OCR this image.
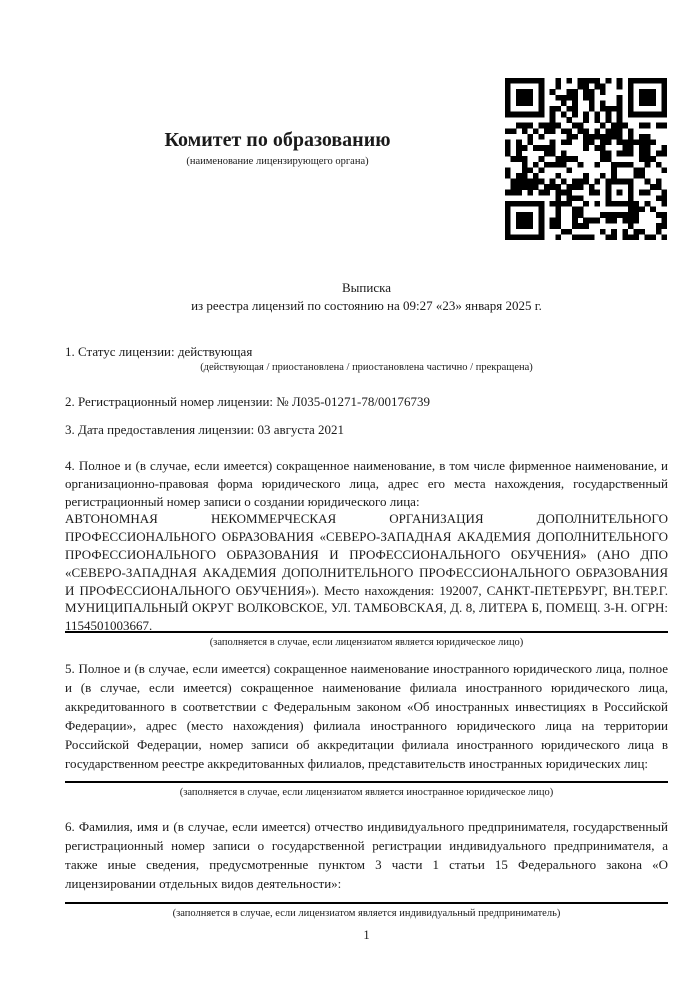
Комитет по образованию
(наименование лицензирующего органа)
Выписка
из реестра лицензий по состоянию на 09:27 «23» января 2025 г.
1. Статус лицензии: действующая
(действующая / приостановлена / приостановлена частично / прекращена)
2. Регистрационный номер лицензии: № Л035-01271-78/00176739
3. Дата предоставления лицензии: 03 августа 2021

4. Полное и (в случае, если имеется) сокращенное наименование, в том числе фирменное наименование, и организационно-правовая форма юридического лица, адрес его места нахождения, государственный регистрационный номер записи о создании юридического лица:

АВТОНОМНАЯ НЕКОММЕРЧЕСКАЯ ОРГАНИЗАЦИЯ ДОПОЛНИТЕЛЬНОГО ПРОФЕССИОНАЛЬНОГО ОБРАЗОВАНИЯ «СЕВЕРО-ЗАПАДНАЯ АКАДЕМИЯ ДОПОЛНИТЕЛЬНОГО ПРОФЕССИОНАЛЬНОГО ОБРАЗОВАНИЯ И ПРОФЕССИОНАЛЬНОГО ОБУЧЕНИЯ» (АНО ДПО «СЕВЕРО-ЗАПАДНАЯ АКАДЕМИЯ ДОПОЛНИТЕЛЬНОГО ПРОФЕССИОНАЛЬНОГО ОБРАЗОВАНИЯ И ПРОФЕССИОНАЛЬНОГО ОБУЧЕНИЯ»). Место нахождения: 192007, САНКТ-ПЕТЕРБУРГ, ВН.ТЕР.Г. МУНИЦИПАЛЬНЫЙ ОКРУГ ВОЛКОВСКОЕ, УЛ. ТАМБОВСКАЯ, Д. 8, ЛИТЕРА Б, ПОМЕЩ. 3-Н. ОГРН: 1154501003667.

(заполняется в случае, если лицензиатом является юридическое лицо)

5. Полное и (в случае, если имеется) сокращенное наименование иностранного юридического лица, полное и (в случае, если имеется) сокращенное наименование филиала иностранного юридического лица, аккредитованного в соответствии с Федеральным законом «Об иностранных инвестициях в Российской Федерации», адрес (место нахождения) филиала иностранного юридического лица на территории Российской Федерации, номер записи об аккредитации филиала иностранного юридического лица в государственном реестре аккредитованных филиалов, представительств иностранных юридических лиц:

(заполняется в случае, если лицензиатом является иностранное юридическое лицо)

6. Фамилия, имя и (в случае, если имеется) отчество индивидуального предпринимателя, государственный регистрационный номер записи о государственной регистрации индивидуального предпринимателя, а также иные сведения, предусмотренные пунктом 3 части 1 статьи 15 Федерального закона «О лицензировании отдельных видов деятельности»:

(заполняется в случае, если лицензиатом является индивидуальный предприниматель)
1
